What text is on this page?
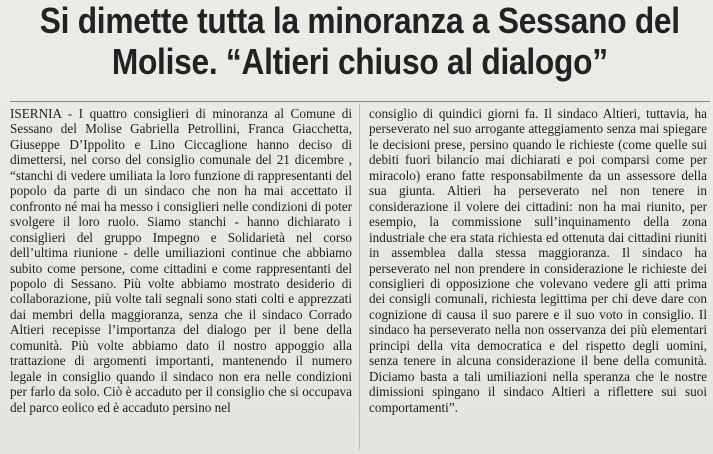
Si dimette tutta la minoranza a Sessano del Molise. “Altieri chiuso al dialogo”

ISERNIA - I quattro consiglieri di minoranza al Comune di Sessano del Molise Gabriella Petrollini, Franca Giacchetta, Giuseppe D’Ippolito e Lino Ciccaglione hanno deciso di dimettersi, nel corso del consiglio comunale del 21 dicembre , “stanchi di vedere umiliata la loro funzione di rappresentanti del popolo da parte di un sindaco che non ha mai accettato il confronto né mai ha messo i consiglieri nelle condizioni di poter svolgere il loro ruolo. Siamo stanchi - hanno dichiarato i consiglieri del gruppo Impegno e Solidarietà nel corso dell’ultima riunione - delle umiliazioni continue che abbiamo subito come persone, come cittadini e come rappresentanti del popolo di Sessano. Più volte abbiamo mostrato desiderio di collaborazione, più volte tali segnali sono stati colti e apprezzati dai membri della maggioranza, senza che il sindaco Corrado Altieri recepisse l’importanza del dialogo per il bene della comunità. Più volte abbiamo dato il nostro appoggio alla trattazione di argomenti importanti, mantenendo il numero legale in consiglio quando il sindaco non era nelle condizioni per farlo da solo. Ciò è accaduto per il consiglio che si occupava del parco eolico ed è accaduto persino nel

consiglio di quindici giorni fa. Il sindaco Altieri, tuttavia, ha perseverato nel suo arrogante atteggiamento senza mai spiegare le decisioni prese, persino quando le richieste (come quelle sui debiti fuori bilancio mai dichiarati e poi comparsi come per miracolo) erano fatte responsabilmente da un assessore della sua giunta. Altieri ha perseverato nel non tenere in considerazione il volere dei cittadini: non ha mai riunito, per esempio, la commissione sull’inquinamento della zona industriale che era stata richiesta ed ottenuta dai cittadini riuniti in assemblea dalla stessa maggioranza. Il sindaco ha perseverato nel non prendere in considerazione le richieste dei consiglieri di opposizione che volevano vedere gli atti prima dei consigli comunali, richiesta legittima per chi deve dare con cognizione di causa il suo parere e il suo voto in consiglio. Il sindaco ha perseverato nella non osservanza dei più elementari principi della vita democratica e del rispetto degli uomini, senza tenere in alcuna considerazione il bene della comunità. Diciamo basta a tali umiliazioni nella speranza che le nostre dimissioni spingano il sindaco Altieri a riflettere sui suoi comportamenti”.
